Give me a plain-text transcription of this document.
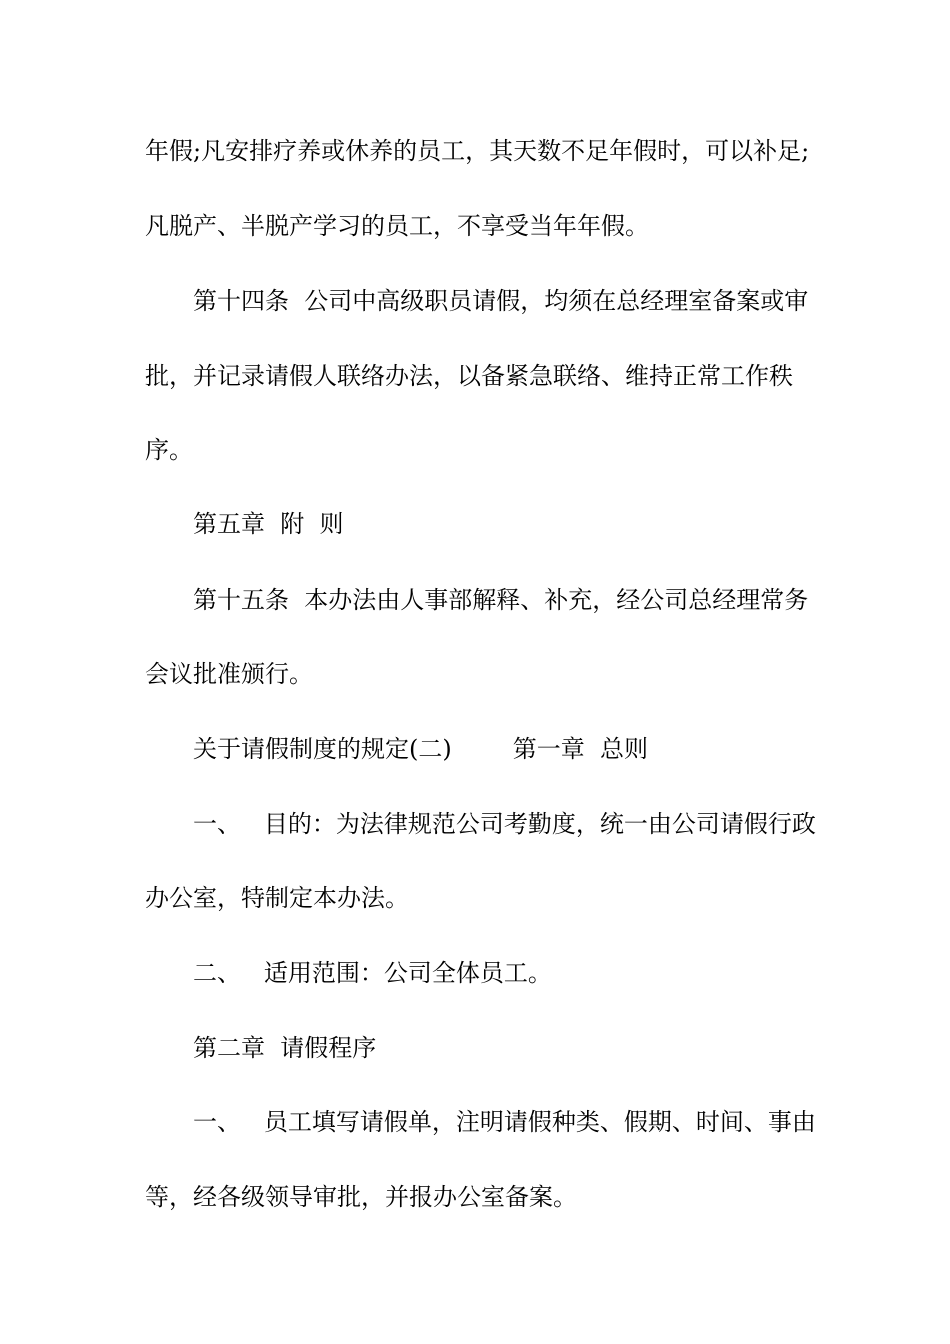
年假;凡安排疗养或休养的员工，其天数不足年假时，可以补足;
凡脱产、半脱产学习的员工，不享受当年年假。
第十四条  公司中高级职员请假，均须在总经理室备案或审
批，并记录请假人联络办法，以备紧急联络、维持正常工作秩
序。
第五章  附  则
第十五条  本办法由人事部解释、补充，经公司总经理常务
会议批准颁行。
关于请假制度的规定(二)        第一章  总则
一、   目的：为法律规范公司考勤度，统一由公司请假行政
办公室，特制定本办法。
二、   适用范围：公司全体员工。
第二章  请假程序
一、   员工填写请假单，注明请假种类、假期、时间、事由
等，经各级领导审批，并报办公室备案。
